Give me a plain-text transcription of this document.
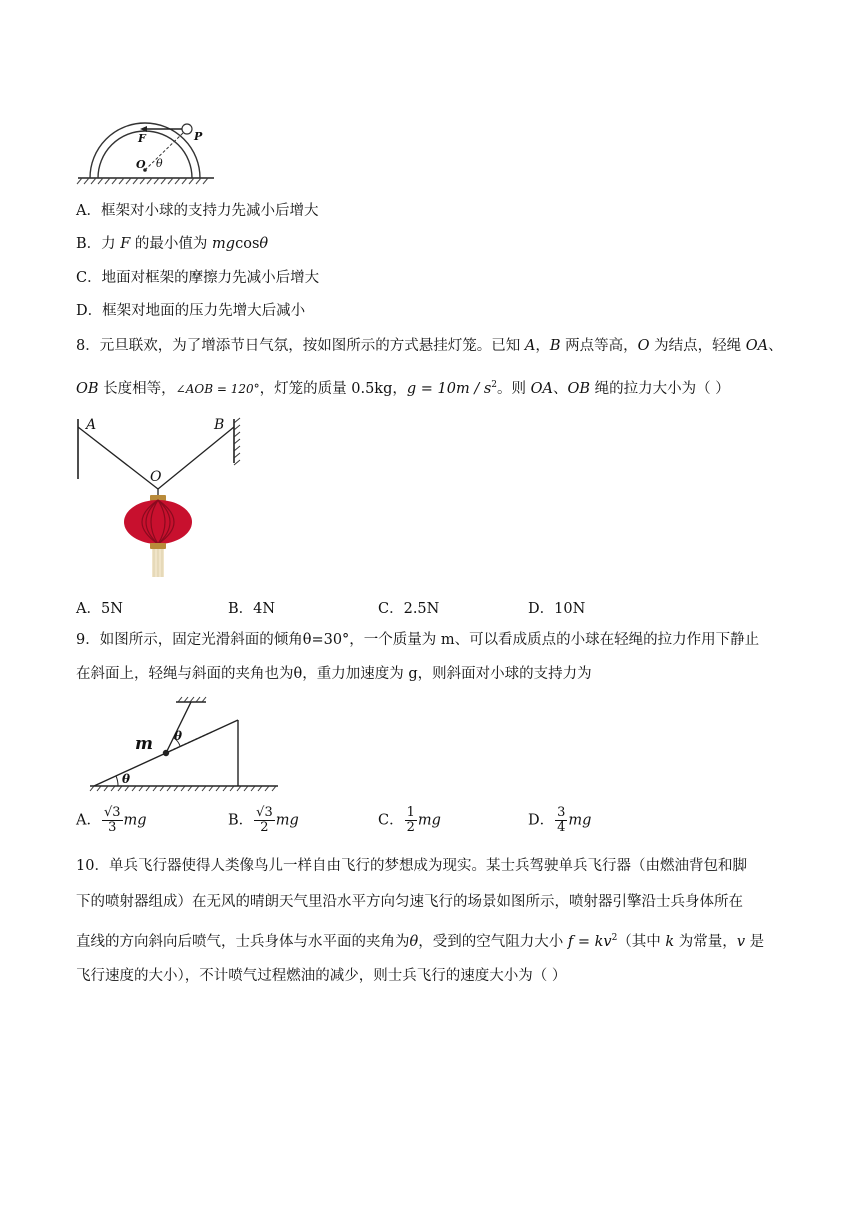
F	P
O θ
A．框架对小球的支持力先减小后增大
B．力 F 的最小值为 mgcosθ
C．地面对框架的摩擦力先减小后增大
D．框架对地面的压力先增大后减小
8．元旦联欢，为了增添节日气氛，按如图所示的方式悬挂灯笼。已知 A，B 两点等高，O 为结点，轻绳 OA、
OB 长度相等，∠AOB = 120°，灯笼的质量 0.5kg，$g = 10m / s^2$。则 OA、OB 绳的拉力大小为（ ）
A	B
O
A．5N	B．4N	C．2.5N	D．10N
9．如图所示，固定光滑斜面的倾角θ=30°，一个质量为 m、可以看成质点的小球在轻绳的拉力作用下静止
在斜面上，轻绳与斜面的夹角也为θ，重力加速度为 g，则斜面对小球的支持力为
m θ
θ
A． $\frac{√3}{3}$ mg	B． $\frac{√3}{2}$ mg	C． $\frac{1}{2}$ mg	D． $\frac{3}{4}$ mg
10．单兵飞行器使得人类像鸟儿一样自由飞行的梦想成为现实。某士兵驾驶单兵飞行器（由燃油背包和脚
下的喷射器组成）在无风的晴朗天气里沿水平方向匀速飞行的场景如图所示，喷射器引擎沿士兵身体所在
直线的方向斜向后喷气，士兵身体与水平面的夹角为θ，受到的空气阻力大小 $f = kv^2$（其中 k 为常量，v 是
飞行速度的大小），不计喷气过程燃油的减少，则士兵飞行的速度大小为（ ）
